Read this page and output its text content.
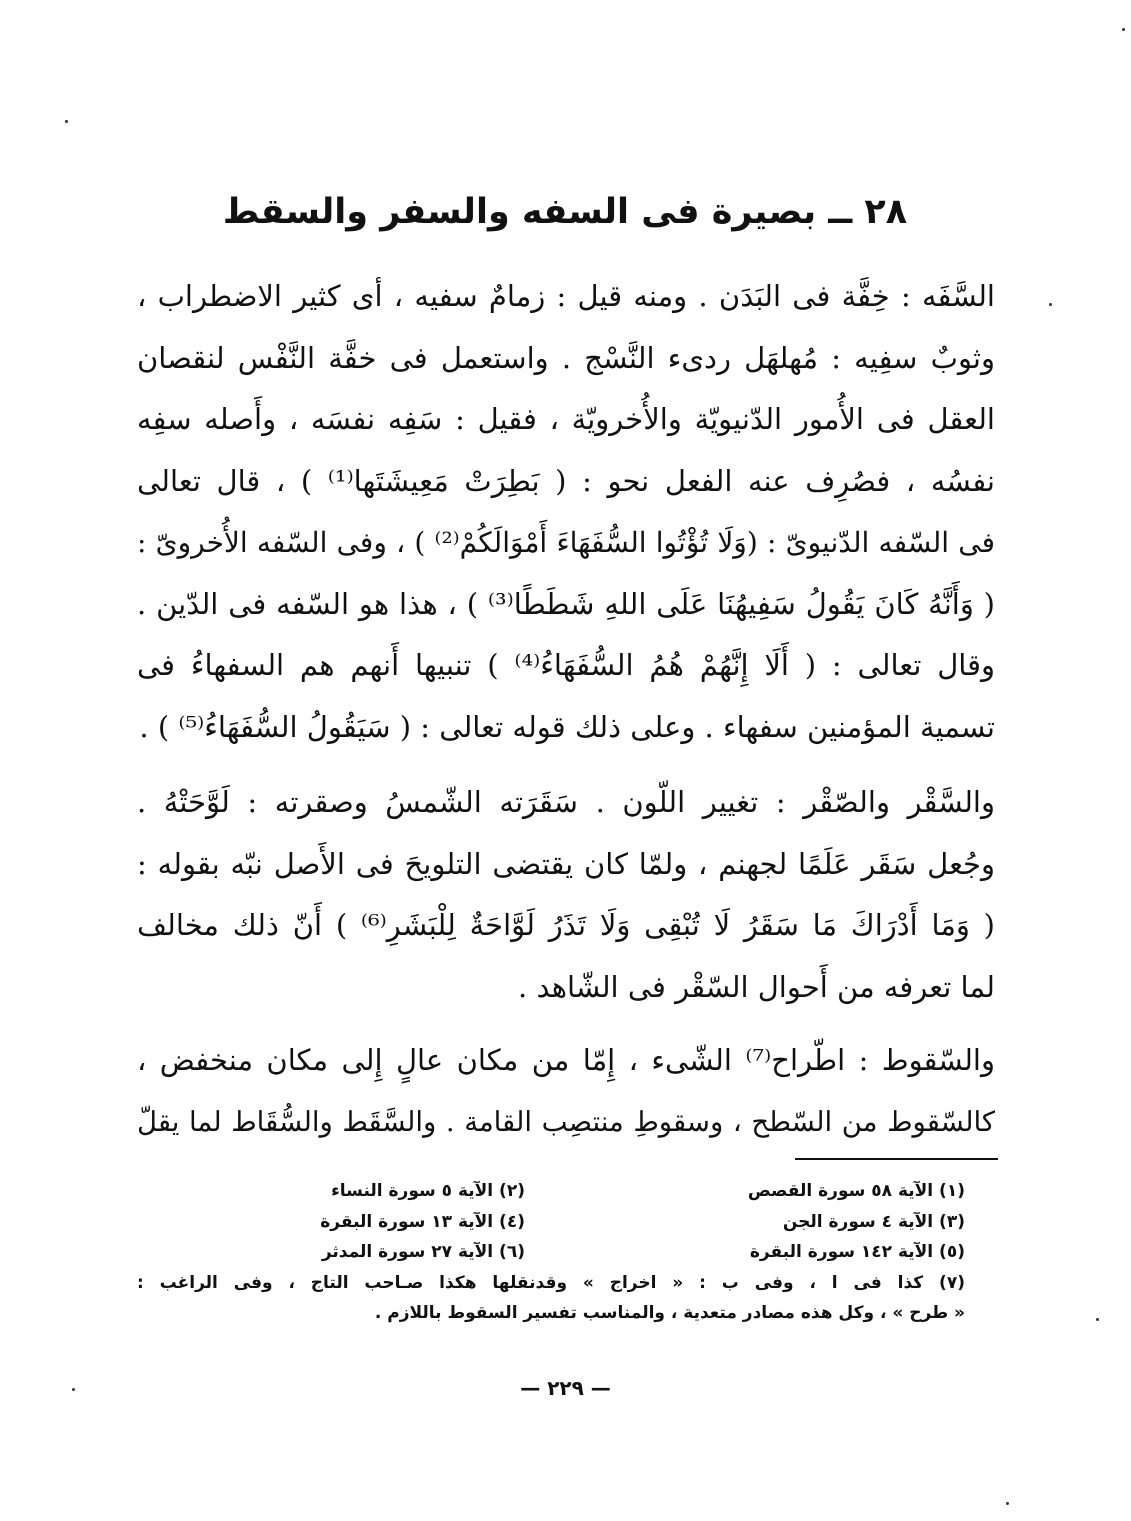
٢٨ ــ بصيرة فى السفه والسفر والسقط
السَّفَه : خِفَّة فى البَدَن . ومنه قيل : زمامٌ سفيه ، أى كثير الاضطراب ،
وثوبٌ سفِيه : مُهلهَل ردىء النَّسْج . واستعمل فى خفَّة النَّفْس لنقصان
العقل فى الأُمور الدّنيويّة والأُخرويّة ، فقيل : سَفِه نفسَه ، وأَصله سفِه
نفسُه ، فصُرِف عنه الفعل نحو : ( بَطِرَتْ مَعِيشَتَها⁽¹⁾ ) ، قال تعالى
فى السّفه الدّنيوىّ : (وَلَا تُؤْتُوا السُّفَهَاءَ أَمْوَالَكُمْ⁽²⁾ ) ، وفى السّفه الأُخروىّ :
( وَأَنَّهُ كَانَ يَقُولُ سَفِيهُنَا عَلَى اللهِ شَطَطًا⁽³⁾ ) ، هذا هو السّفه فى الدّين .
وقال تعالى : ( أَلَا إِنَّهُمْ هُمُ السُّفَهَاءُ⁽⁴⁾ ) تنبيها أَنهم هم السفهاءُ فى
تسمية المؤمنين سفهاء . وعلى ذلك قوله تعالى : ( سَيَقُولُ السُّفَهَاءُ⁽⁵⁾ ) .
والسَّقْر والصّقْر : تغيير اللّون . سَقَرَته الشّمسُ وصقرته : لَوَّحَتْهُ .
وجُعل سَقَر عَلَمًا لجهنم ، ولمّا كان يقتضى التلويحَ فى الأَصل نبّه بقوله :
( وَمَا أَدْرَاكَ مَا سَقَرُ لَا تُبْقِى وَلَا تَذَرُ لَوَّاحَةٌ لِلْبَشَرِ⁽⁶⁾ ) أَنّ ذلك مخالف
لما تعرفه من أَحوال السّقْر فى الشّاهد .
والسّقوط : اطّراح⁽⁷⁾ الشّىء ، إِمّا من مكان عالٍ إِلى مكان منخفض ،
كالسّقوط من السّطح ، وسقوطِ منتصِب القامة . والسَّقَط والسُّقَاط لما يقلّ
(١) الآية ٥٨ سورة القصص
(٢) الآية ٥ سورة النساء
(٣) الآية ٤ سورة الجن
(٤) الآية ١٣ سورة البقرة
(٥) الآية ١٤٢ سورة البقرة
(٦) الآية ٢٧ سورة المدثر
(٧) كذا فى ا ، وفى ب : « اخراج » وقدنقلها هكذا صـاحب التاج ، وفى الراغب :
« طرح » ، وكل هذه مصادر متعدية ، والمناسب تفسير السقوط باللازم .
— ٢٢٩ —
